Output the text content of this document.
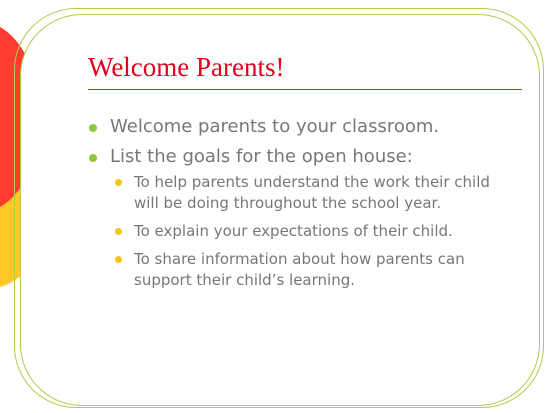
Welcome Parents!
Welcome parents to your classroom.
List the goals for the open house:
To help parents understand the work their child will be doing throughout the school year.
To explain your expectations of their child.
To share information about how parents can support their child’s learning.
